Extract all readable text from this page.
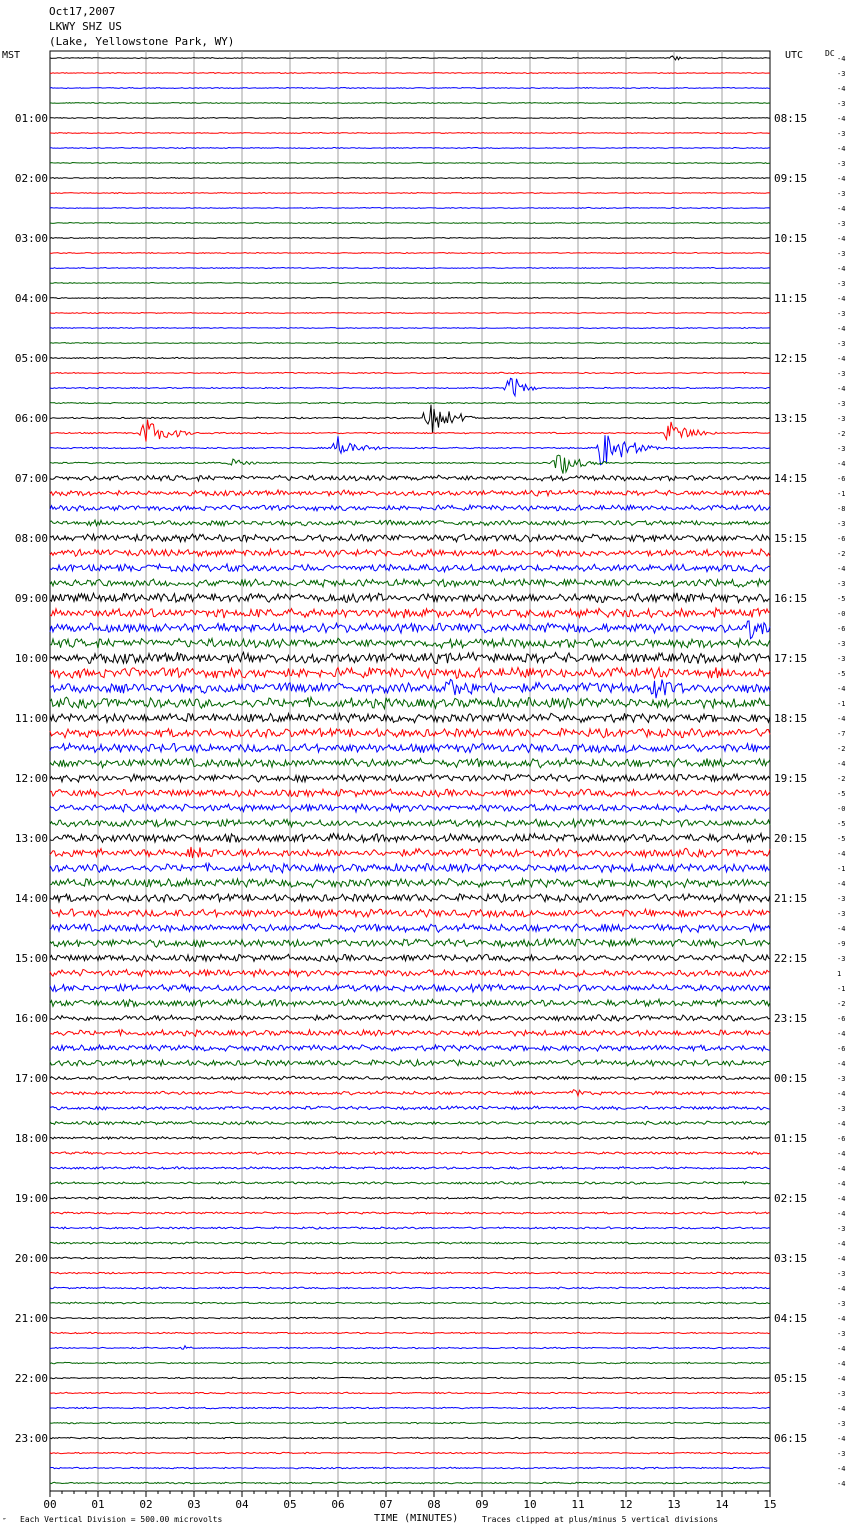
Oct17,2007
LKWY SHZ US
(Lake, Yellowstone Park, WY)
MST	UTC	DC
-4
-3
-4
-3
-4
-3
-4
-3
-4
-3
-4
-3
-4
-3
-4
-3
-4
-3
-4
-3
-4
-3
-4
-3
-3
-2
-3
-4
-6
-1
-8
-3
-6
-2
-4
-3
-5
-0
-6
-3
-3
-5
-4
-1
-4
-7
-2
-4
-2
-5
-0
-5
-5
-4
-1
-4
-3
-3
-4
-9
-3
1
-1
-2
-6
-4
-6
-4
-3
-4
-3
-4
-6
-4
-4
-4
-4
-4
-3
-4
-4
-3
-4
-3
-4
-3
-4
-4
-4
-3
-4
-3
-4
-3
-4
-4
01:00	08:15
02:00	09:15
03:00	10:15
04:00	11:15
05:00	12:15
06:00	13:15
07:00	14:15
08:00	15:15
09:00	16:15
10:00	17:15
11:00	18:15
12:00	19:15
13:00	20:15
14:00	21:15
15:00	22:15
16:00	23:15
17:00	00:15
18:00	01:15
19:00	02:15
20:00	03:15
21:00	04:15
22:00	05:15
23:00	06:15
00	01	02	03	04	05	06	07	08	09	10	11	12	13	14	15
″ Each Vertical Division = 500.00 microvolts	TIME (MINUTES)	Traces clipped at plus/minus 5 vertical divisions
